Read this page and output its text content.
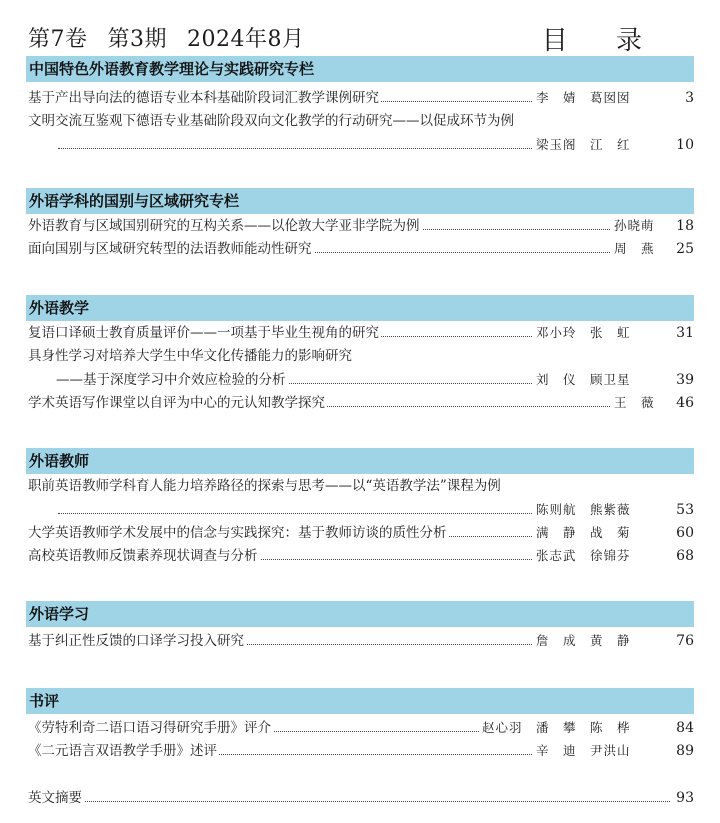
第7卷 第3期 2024年8月	目 录
中国特色外语教育教学理论与实践研究专栏
基于产出导向法的德语专业本科基础阶段词汇教学课例研究	李　婧　葛囡囡	3
文明交流互鉴观下德语专业基础阶段双向文化教学的行动研究——以促成环节为例
梁玉阁　江　红	10
外语学科的国别与区域研究专栏
外语教育与区域国别研究的互构关系——以伦敦大学亚非学院为例	孙晓萌	18
面向国别与区域研究转型的法语教师能动性研究	周　燕	25
外语教学
复语口译硕士教育质量评价——一项基于毕业生视角的研究	邓小玲　张　虹	31
具身性学习对培养大学生中华文化传播能力的影响研究
——基于深度学习中介效应检验的分析	刘　仪　顾卫星	39
学术英语写作课堂以自评为中心的元认知教学探究	王　薇	46
外语教师
职前英语教师学科育人能力培养路径的探索与思考——以“英语教学法”课程为例
陈则航　熊紫薇	53
大学英语教师学术发展中的信念与实践探究：基于教师访谈的质性分析	满　静　战　菊	60
高校英语教师反馈素养现状调查与分析	张志武　徐锦芬	68
外语学习
基于纠正性反馈的口译学习投入研究	詹　成　黄　静	76
书评
《劳特利奇二语口语习得研究手册》评介	赵心羽　潘　攀　陈　桦	84
《二元语言双语教学手册》述评	辛　迪　尹洪山	89
英文摘要	93
